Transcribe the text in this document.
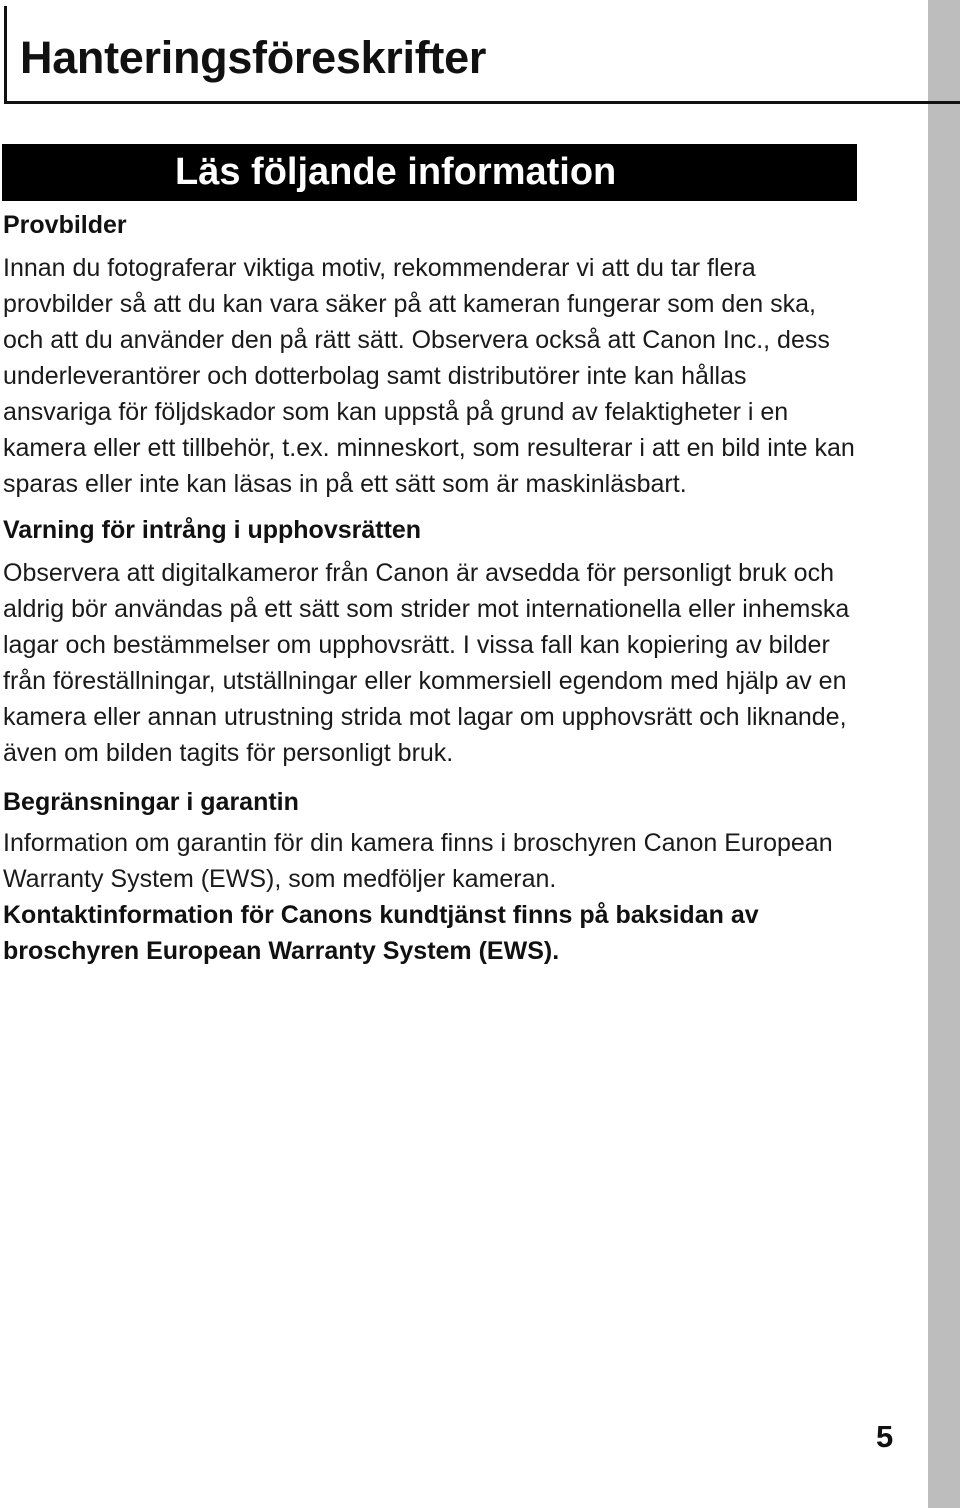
Hanteringsföreskrifter
Läs följande information
Provbilder

Innan du fotograferar viktiga motiv, rekommenderar vi att du tar flera provbilder så att du kan vara säker på att kameran fungerar som den ska, och att du använder den på rätt sätt. Observera också att Canon Inc., dess underleverantörer och dotterbolag samt distributörer inte kan hållas ansvariga för följdskador som kan uppstå på grund av felaktigheter i en kamera eller ett tillbehör, t.ex. minneskort, som resulterar i att en bild inte kan sparas eller inte kan läsas in på ett sätt som är maskinläsbart.

Varning för intrång i upphovsrätten

Observera att digitalkameror från Canon är avsedda för personligt bruk och aldrig bör användas på ett sätt som strider mot internationella eller inhemska lagar och bestämmelser om upphovsrätt. I vissa fall kan kopiering av bilder från föreställningar, utställningar eller kommersiell egendom med hjälp av en kamera eller annan utrustning strida mot lagar om upphovsrätt och liknande, även om bilden tagits för personligt bruk.

Begränsningar i garantin

Information om garantin för din kamera finns i broschyren Canon European Warranty System (EWS), som medföljer kameran.

Kontaktinformation för Canons kundtjänst finns på baksidan av broschyren European Warranty System (EWS).

5
